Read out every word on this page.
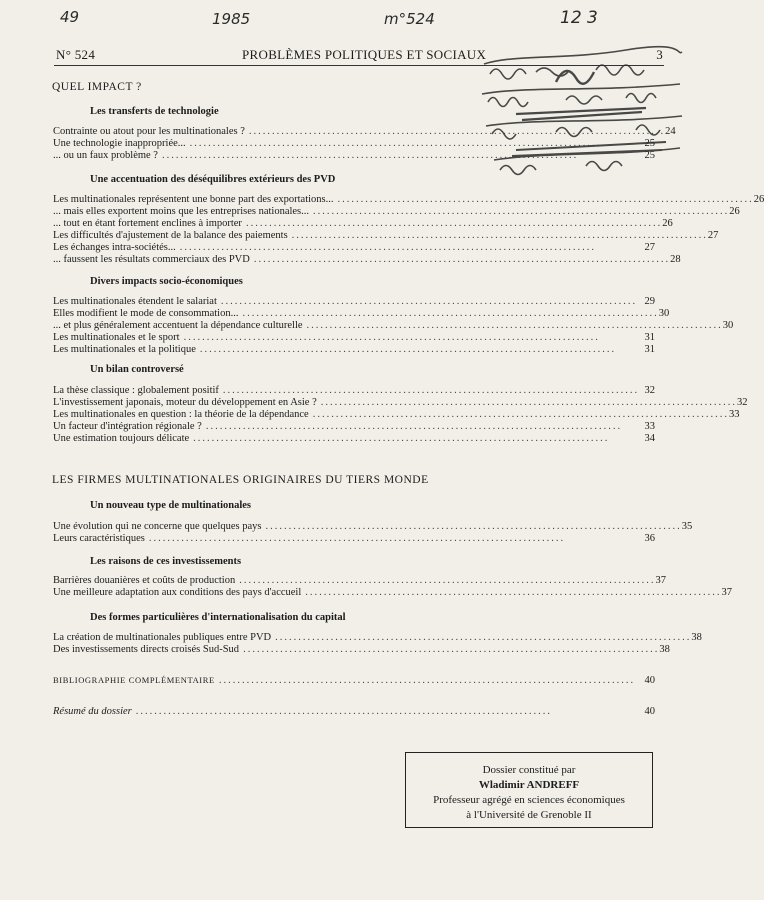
49	1985	m°524	12 3
N° 524	PROBLÈMES POLITIQUES ET SOCIAUX	3
QUEL IMPACT ?
Les transferts de technologie
Contrainte ou atout pour les multinationales ? .......................................................................................... 24
Une technologie inappropriée... ..........................................................................................	25
... ou un faux problème ? ..........................................................................................	25
Une accentuation des déséquilibres extérieurs des PVD
Les multinationales représentent une bonne part des exportations... .......................................................................................... 26
... mais elles exportent moins que les entreprises nationales... .......................................................................................... 26
... tout en étant fortement enclines à importer .......................................................................................... 26
Les difficultés d'ajustement de la balance des paiements .......................................................................................... 27
Les échanges intra-sociétés... ..........................................................................................	27
... faussent les résultats commerciaux des PVD .......................................................................................... 28
Divers impacts socio-économiques
Les multinationales étendent le salariat .......................................................................................... 29
Elles modifient le mode de consommation... .......................................................................................... 30
... et plus généralement accentuent la dépendance culturelle .......................................................................................... 30
Les multinationales et le sport ..........................................................................................	31
Les multinationales et la politique ..........................................................................................	31
Un bilan controversé
La thèse classique : globalement positif .......................................................................................... 32
L'investissement japonais, moteur du développement en Asie ? .......................................................................................... 32
Les multinationales en question : la théorie de la dépendance .......................................................................................... 33
Un facteur d'intégration régionale ? ..........................................................................................	33
Une estimation toujours délicate ..........................................................................................	34
LES FIRMES MULTINATIONALES ORIGINAIRES DU TIERS MONDE
Un nouveau type de multinationales
Une évolution qui ne concerne que quelques pays .......................................................................................... 35
Leurs caractéristiques ..........................................................................................	36
Les raisons de ces investissements
Barrières douanières et coûts de production .......................................................................................... 37
Une meilleure adaptation aux conditions des pays d'accueil .......................................................................................... 37
Des formes particulières d'internationalisation du capital
La création de multinationales publiques entre PVD .......................................................................................... 38
Des investissements directs croisés Sud-Sud .......................................................................................... 38
BIBLIOGRAPHIE COMPLÉMENTAIRE .......................................................................................... 40
Résumé du dossier ..........................................................................................	40
Dossier constitué par
Wladimir ANDREFF
Professeur agrégé en sciences économiques
à l'Université de Grenoble II
